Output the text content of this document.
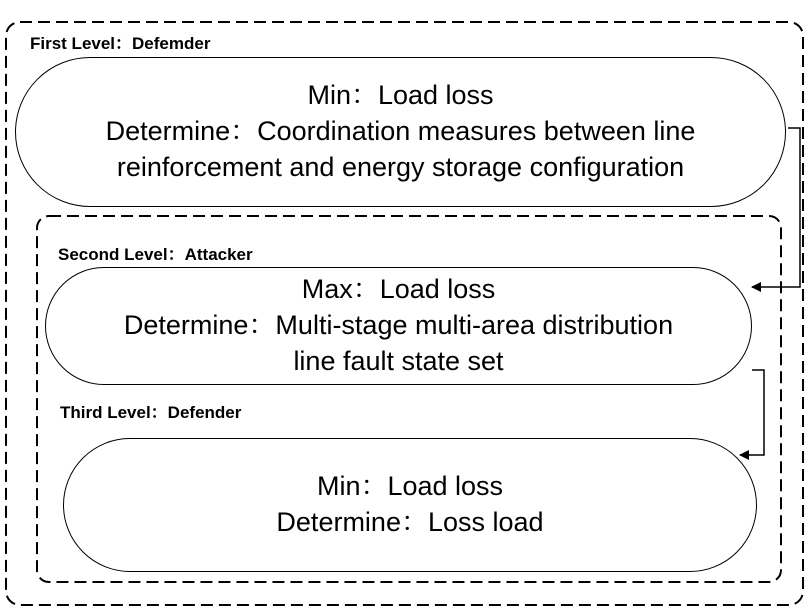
First Level：Defemder
Min：Load loss
Determine：Coordination measures between line
reinforcement and energy storage configuration
Second Level：Attacker
Max：Load loss
Determine：Multi-stage multi-area distribution
line fault state set
Third Level：Defender
Min：Load loss
Determine：Loss load
